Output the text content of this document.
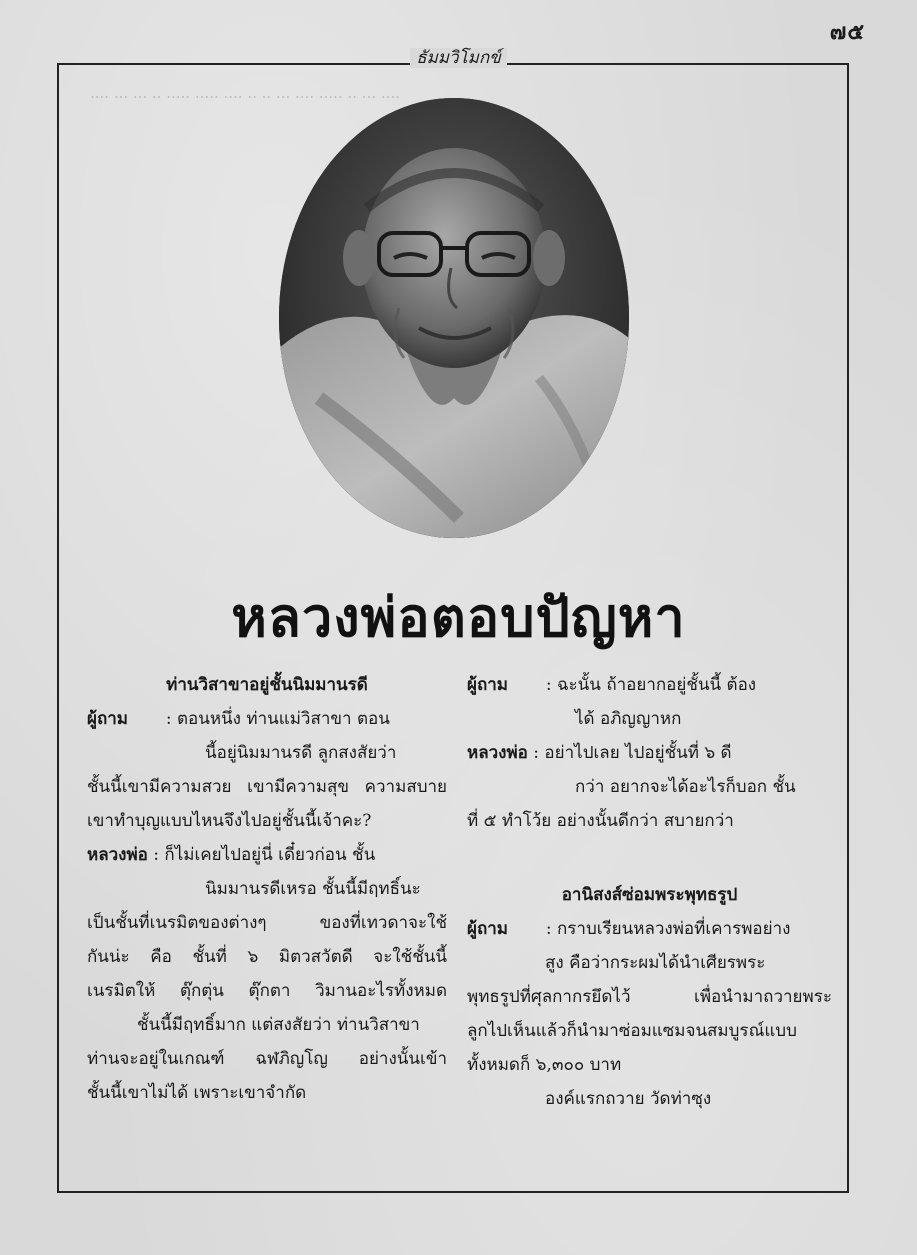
···· ··· ··· ·· ····· ····· ···· ·· ·· ··· ···· ····· ·· ··· ····
๗๕
ธัมมวิโมกข์
หลวงพ่อตอบปัญหา
ท่านวิสาขาอยู่ชั้นนิมมานรดี
ผู้ถาม : ตอนหนึ่ง ท่านแม่วิสาขา ตอน
นี้อยู่นิมมานรดี ลูกสงสัยว่า
ชั้นนี้เขามีความสวย เขามีความสุข ความสบาย
เขาทำบุญแบบไหนจึงไปอยู่ชั้นนี้เจ้าคะ?
หลวงพ่อ : ก็ไม่เคยไปอยู่นี่ เดี๋ยวก่อน ชั้น
นิมมานรดีเหรอ ชั้นนี้มีฤทธิ์นะ
เป็นชั้นที่เนรมิตของต่างๆ ของที่เทวดาจะใช้
กันน่ะ คือ ชั้นที่ ๖ มิตวสวัตดี จะใช้ชั้นนี้
เนรมิตให้ ตุ๊กตุ่น ตุ๊กตา วิมานอะไรทั้งหมด
ชั้นนี้มีฤทธิ์มาก แต่สงสัยว่า ท่านวิสาขา
ท่านจะอยู่ในเกณฑ์ ฉฬภิญโญ อย่างนั้นเข้า
ชั้นนี้เขาไม่ได้ เพราะเขาจำกัด
ผู้ถาม : ฉะนั้น ถ้าอยากอยู่ชั้นนี้ ต้อง
ได้ อภิญญาหก
หลวงพ่อ : อย่าไปเลย ไปอยู่ชั้นที่ ๖ ดี
กว่า อยากจะได้อะไรก็บอก ชั้น
ที่ ๕ ทำโว้ย อย่างนั้นดีกว่า สบายกว่า
อานิสงส์ซ่อมพระพุทธรูป
ผู้ถาม : กราบเรียนหลวงพ่อที่เคารพอย่าง
สูง คือว่ากระผมได้นำเศียรพระ
พุทธรูปที่ศุลกากรยึดไว้ เพื่อนำมาถวายพระ
ลูกไปเห็นแล้วก็นำมาซ่อมแซมจนสมบูรณ์แบบ
ทั้งหมดก็ ๖,๓๐๐ บาท
องค์แรกถวาย วัดท่าซุง
